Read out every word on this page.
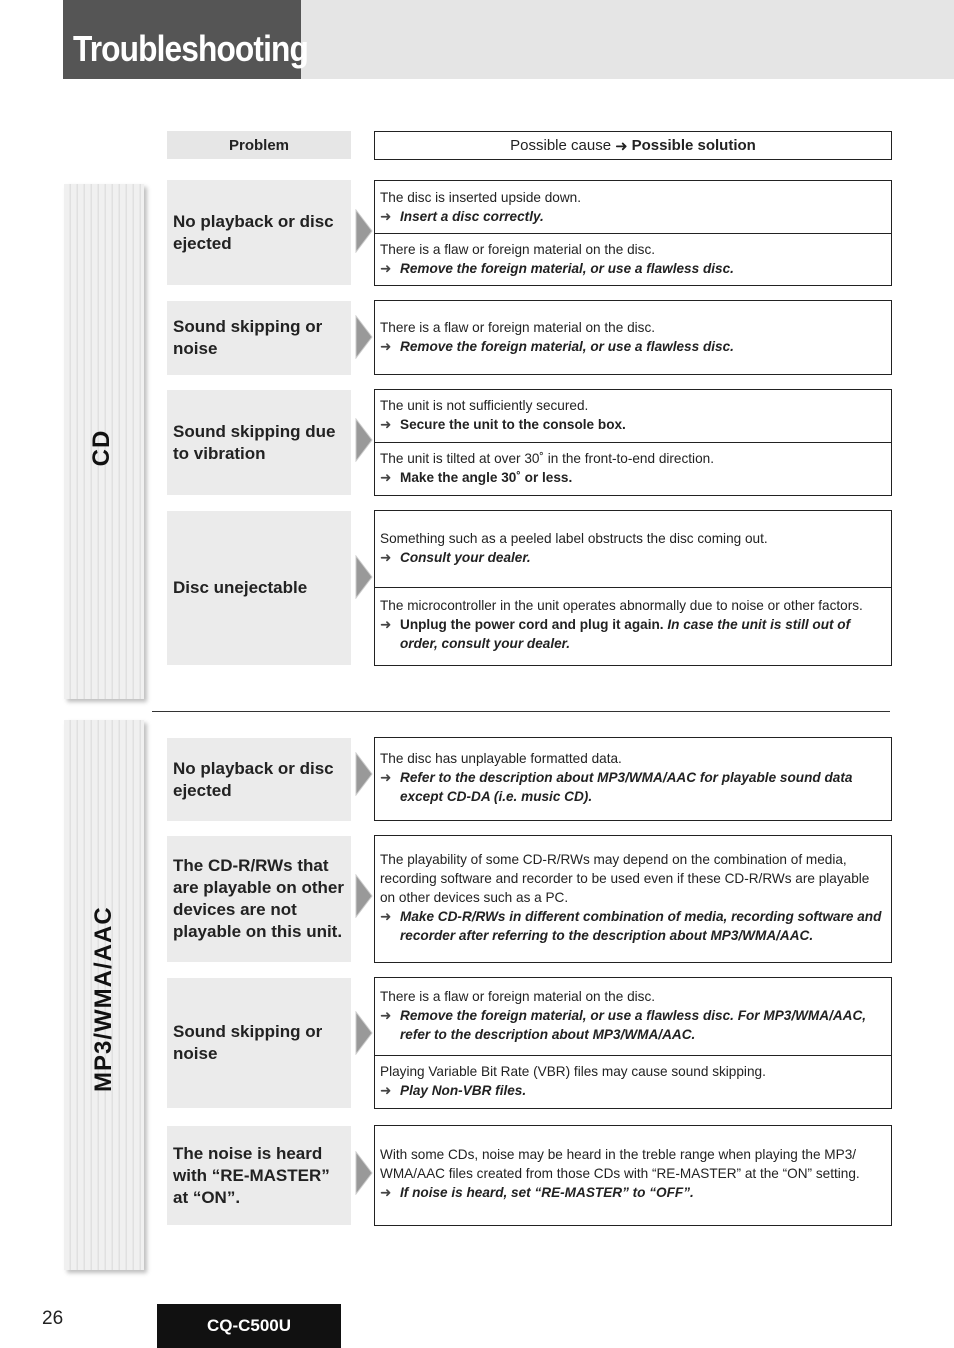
Troubleshooting
Problem	Possible cause ➜ Possible solution
CD
MP3/WMA/AAC
No playback or disc ejected
The disc is inserted upside down.
➜ Insert a disc correctly.
There is a flaw or foreign material on the disc.
➜ Remove the foreign material, or use a flawless disc.
Sound skipping or noise
There is a flaw or foreign material on the disc.
➜ Remove the foreign material, or use a flawless disc.
Sound skipping due to vibration
The unit is not sufficiently secured.
➜ Secure the unit to the console box.
The unit is tilted at over 30˚ in the front-to-end direction.
➜ Make the angle 30˚ or less.
Disc unejectable
Something such as a peeled label obstructs the disc coming out.
➜ Consult your dealer.
The microcontroller in the unit operates abnormally due to noise or other factors.
➜ Unplug the power cord and plug it again. In case the unit is still out of order, consult your dealer.
No playback or disc ejected
The disc has unplayable formatted data.
➜ Refer to the description about MP3/WMA/AAC for playable sound data except CD-DA (i.e. music CD).
The CD-R/RWs that are playable on other devices are not playable on this unit.
The playability of some CD-R/RWs may depend on the combination of media, recording software and recorder to be used even if these CD-R/RWs are playable on other devices such as a PC.
➜ Make CD-R/RWs in different combination of media, recording software and recorder after referring to the description about MP3/WMA/AAC.
Sound skipping or noise
There is a flaw or foreign material on the disc.
➜ Remove the foreign material, or use a flawless disc. For MP3/WMA/AAC, refer to the description about MP3/WMA/AAC.
Playing Variable Bit Rate (VBR) files may cause sound skipping.
➜ Play Non-VBR files.
The noise is heard with “RE-MASTER” at “ON”.
With some CDs, noise may be heard in the treble range when playing the MP3/ WMA/AAC files created from those CDs with “RE-MASTER” at the “ON” setting.
➜ If noise is heard, set “RE-MASTER” to “OFF”.
26	CQ-C500U
